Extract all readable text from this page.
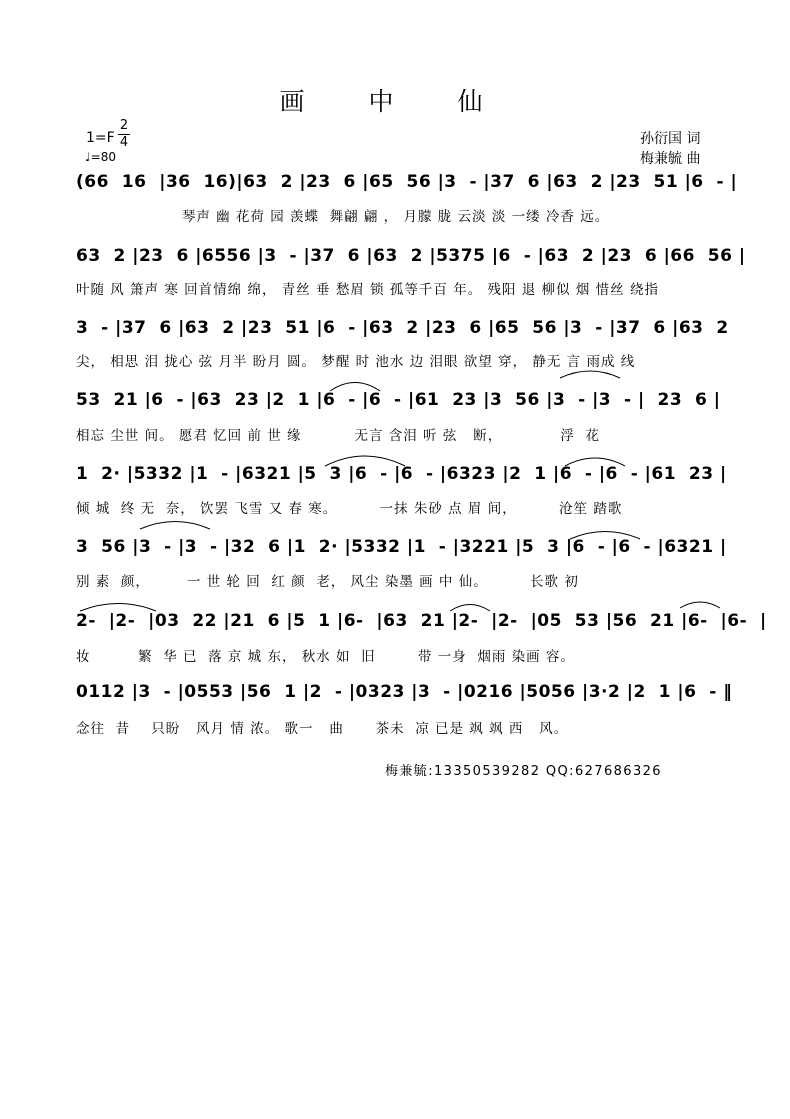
画 中 仙
1=F
2
4
♩=80
孙衍国 词
梅兼毓 曲
(66  16  |36  16)|63  2 |23  6 |65  56 |3  - |37  6 |63  2 |23  51 |6  - |
琴声 幽 花荷 园 羡蝶  舞翩 翩 ， 月朦 胧 云淡 淡 一缕 冷香 远。
63  2 |23  6 |6556 |3  - |37  6 |63  2 |5375 |6  - |63  2 |23  6 |66  56 |
叶随 风 箫声 寒 回首情绵 绵， 青丝 垂 愁眉 锁 孤等千百 年。 残阳 退 柳似 烟 惜丝 绕指
3  - |37  6 |63  2 |23  51 |6  - |63  2 |23  6 |65  56 |3  - |37  6 |63  2
尖， 相思 泪 拢心 弦 月半 盼月 圆。 梦醒 时 池水 边 泪眼 欲望 穿， 静无 言 雨成 线
53  21 |6  - |63  23 |2  1 |6  - |6  - |61  23 |3  56 |3  - |3  - |  23  6 |
相忘 尘世 间。 愿君 忆回 前 世 缘          无言 含泪 听 弦   断，           浮  花
1  2· |5332 |1  - |6321 |5  3 |6  - |6  - |6323 |2  1 |6  - |6  - |61  23 |
倾 城  终 无  奈， 饮罢 飞雪 又 春 寒。        一抹 朱砂 点 眉 间，        沧笙 踏歌
3  56 |3  - |3  - |32  6 |1  2· |5332 |1  - |3221 |5  3 |6  - |6  - |6321 |
别 素  颜，       一 世 轮 回  红 颜  老， 风尘 染墨 画 中 仙。        长歌 初
2-  |2-  |03  22 |21  6 |5  1 |6-  |63  21 |2-  |2-  |05  53 |56  21 |6-  |6-  |
妆         繁  华 已  落 京 城 东， 秋水 如  旧        带 一身  烟雨 染画 容。
0112 |3  - |0553 |56  1 |2  - |0323 |3  - |0216 |5056 |3·2 |2  1 |6  - ‖
念往  昔    只盼   风月 情 浓。 歌一   曲      茶未  凉 已是 飒 飒 西   风。
梅兼毓:13350539282 QQ:627686326
